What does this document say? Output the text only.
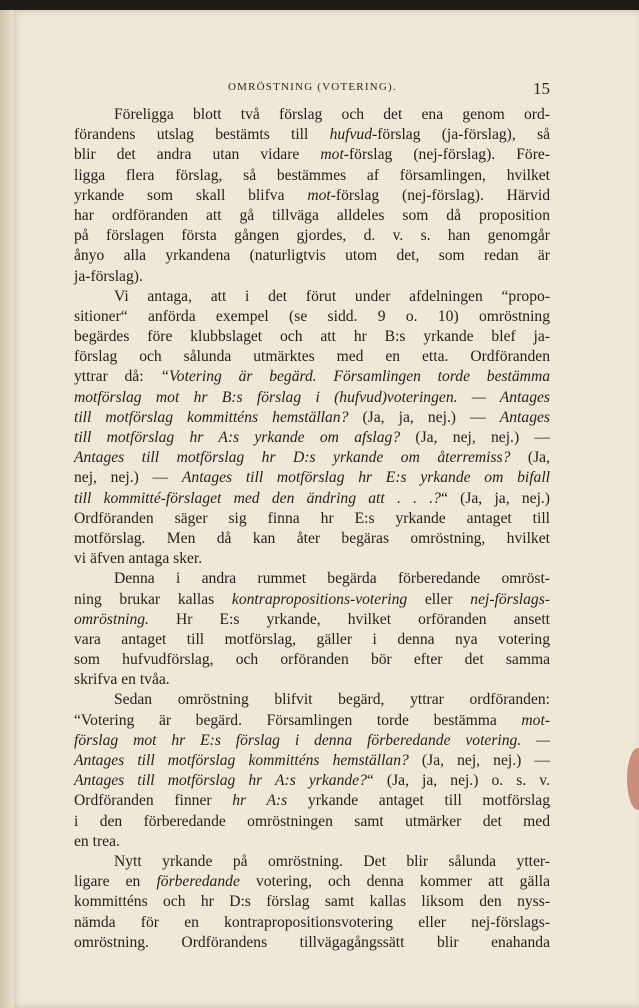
OMRÖSTNING (VOTERING).	15
Föreligga blott två förslag och det ena genom ord-
förandens utslag bestämts till hufvud-förslag (ja-förslag), så
blir det andra utan vidare mot-förslag (nej-förslag). Före-
ligga flera förslag, så bestämmes af församlingen, hvilket
yrkande som skall blifva mot-förslag (nej-förslag). Härvid
har ordföranden att gå tillväga alldeles som då proposition
på förslagen första gången gjordes, d. v. s. han genomgår
ånyo alla yrkandena (naturligtvis utom det, som redan är
ja-förslag).
Vi antaga, att i det förut under afdelningen “propo-
sitioner“ anförda exempel (se sidd. 9 o. 10) omröstning
begärdes före klubbslaget och att hr B:s yrkande blef ja-
förslag och sålunda utmärktes med en etta. Ordföranden
yttrar då: “Votering är begärd. Församlingen torde bestämma
motförslag mot hr B:s förslag i (hufvud)voteringen. — Antages
till motförslag kommitténs hemställan? (Ja, ja, nej.) — Antages
till motförslag hr A:s yrkande om afslag? (Ja, nej, nej.) —
Antages till motförslag hr D:s yrkande om återremiss? (Ja,
nej, nej.) — Antages till motförslag hr E:s yrkande om bifall
till kommitté-förslaget med den ändring att . . .?“ (Ja, ja, nej.)
Ordföranden säger sig finna hr E:s yrkande antaget till
motförslag. Men då kan åter begäras omröstning, hvilket
vi äfven antaga sker.
Denna i andra rummet begärda förberedande omröst-
ning brukar kallas kontrapropositions-votering eller nej-förslags-
omröstning. Hr E:s yrkande, hvilket orföranden ansett
vara antaget till motförslag, gäller i denna nya votering
som hufvudförslag, och orföranden bör efter det samma
skrifva en tvåa.
Sedan omröstning blifvit begärd, yttrar ordföranden:
“Votering är begärd. Församlingen torde bestämma mot-
förslag mot hr E:s förslag i denna förberedande votering. —
Antages till motförslag kommitténs hemställan? (Ja, nej, nej.) —
Antages till motförslag hr A:s yrkande?“ (Ja, ja, nej.) o. s. v.
Ordföranden finner hr A:s yrkande antaget till motförslag
i den förberedande omröstningen samt utmärker det med
en trea.
Nytt yrkande på omröstning. Det blir sålunda ytter-
ligare en förberedande votering, och denna kommer att gälla
kommitténs och hr D:s förslag samt kallas liksom den nyss-
nämda för en kontrapropositionsvotering eller nej-förslags-
omröstning. Ordförandens tillvägagångssätt blir enahanda
